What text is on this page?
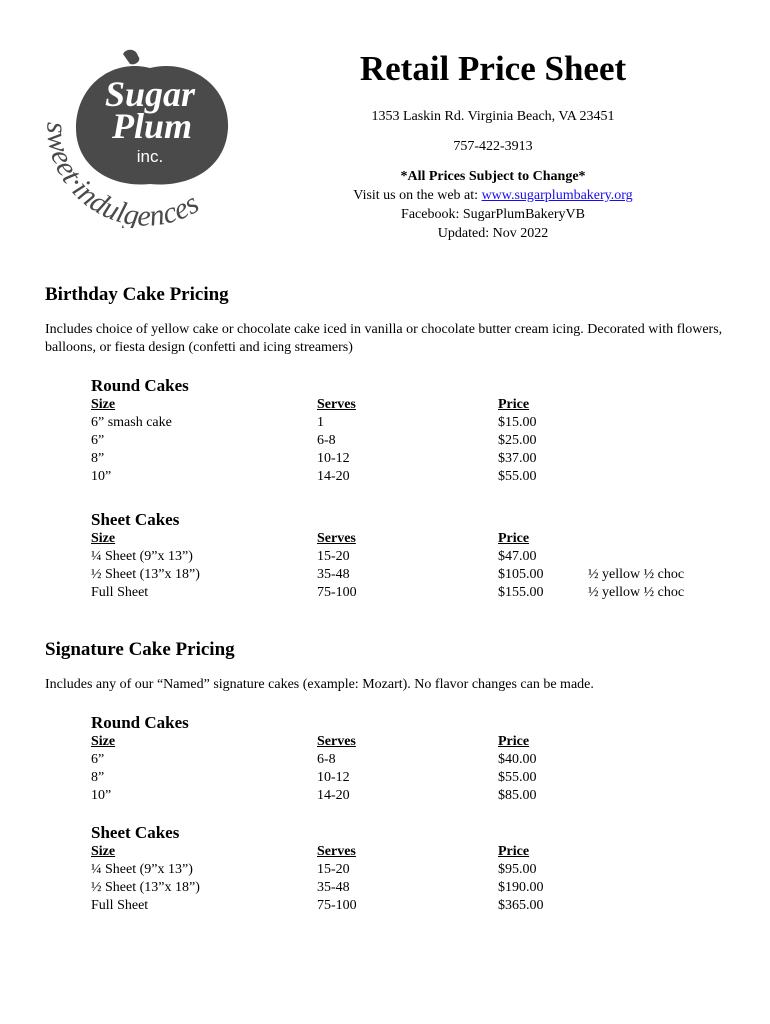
Sugar
Plum
inc.
sweet·indulgences
Retail Price Sheet

1353 Laskin Rd. Virginia Beach, VA 23451

757-422-3913

*All Prices Subject to Change*

Visit us on the web at: www.sugarplumbakery.org

Facebook: SugarPlumBakeryVB

Updated: Nov 2022

Birthday Cake Pricing

Includes choice of yellow cake or chocolate cake iced in vanilla or chocolate butter cream icing. Decorated with flowers, balloons, or fiesta design (confetti and icing streamers)

Round Cakes
Size	Serves	Price
6” smash cake	1	$15.00
6”	6-8	$25.00
8”	10-12	$37.00
10”	14-20	$55.00
Sheet Cakes
Size	Serves	Price
¼ Sheet (9”x 13”)	15-20	$47.00
½ Sheet (13”x 18”)	35-48	$105.00	½ yellow ½ choc
Full Sheet	75-100	$155.00	½ yellow ½ choc
Signature Cake Pricing

Includes any of our “Named” signature cakes (example: Mozart). No flavor changes can be made.

Round Cakes
Size	Serves	Price
6”	6-8	$40.00
8”	10-12	$55.00
10”	14-20	$85.00
Sheet Cakes
Size	Serves	Price
¼ Sheet (9”x 13”)	15-20	$95.00
½ Sheet (13”x 18”)	35-48	$190.00
Full Sheet	75-100	$365.00
